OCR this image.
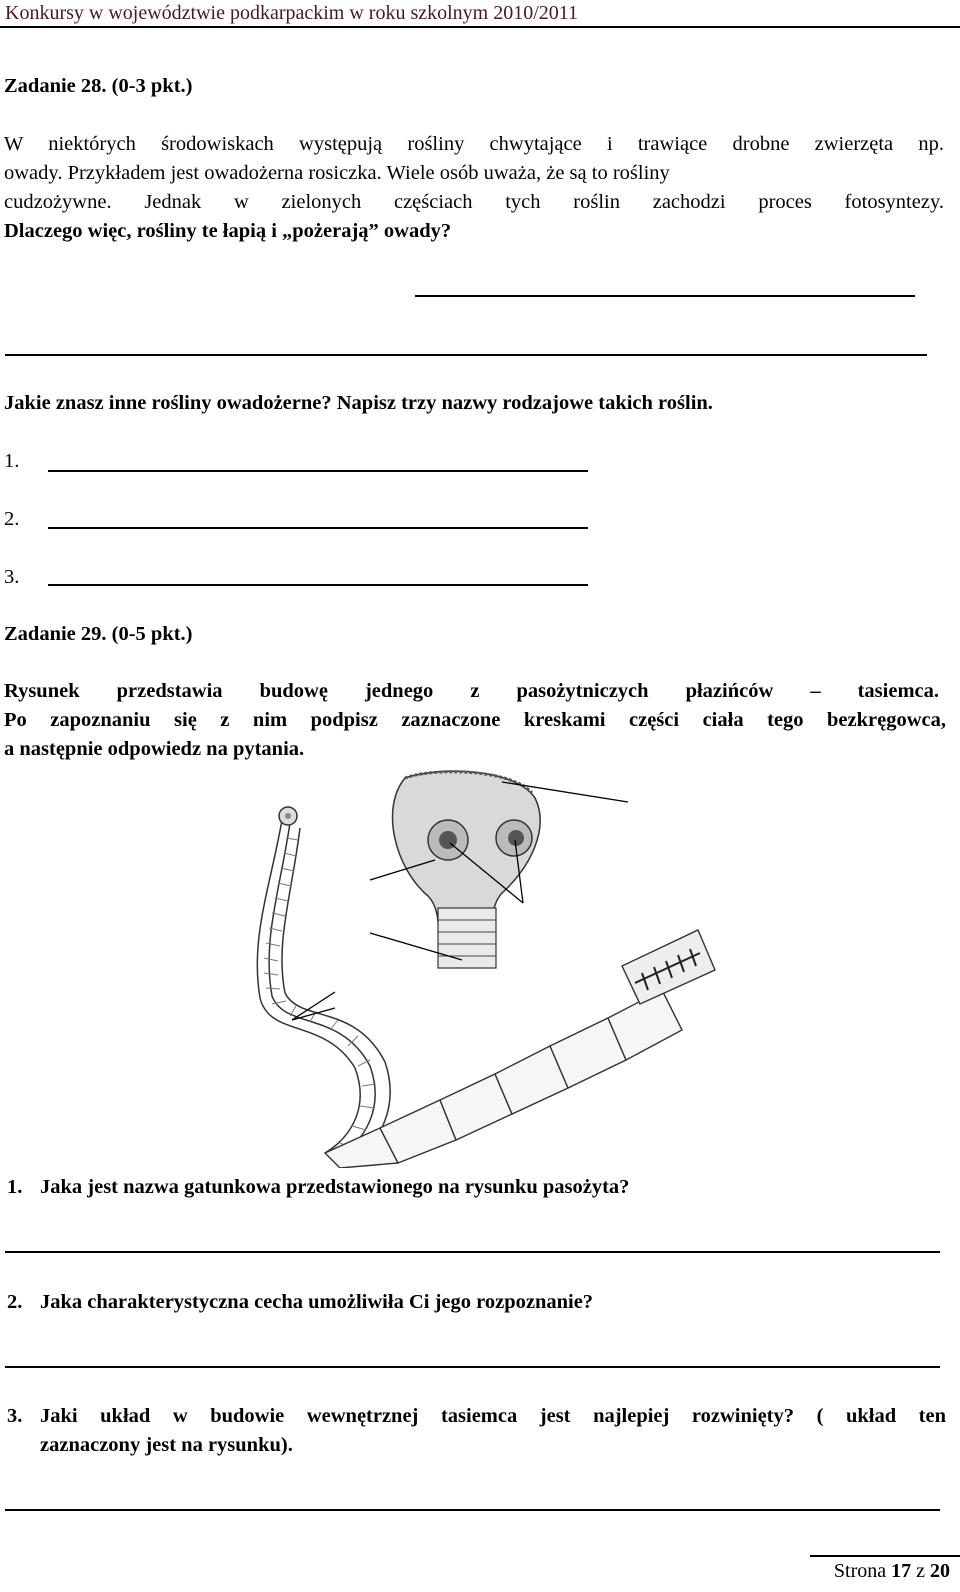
Konkursy w województwie podkarpackim w roku szkolnym 2010/2011
Zadanie 28. (0-3 pkt.)
W niektórych środowiskach występują rośliny chwytające i trawiące drobne zwierzęta np.
owady. Przykładem jest owadożerna rosiczka. Wiele osób uważa, że są to rośliny
cudzożywne. Jednak w zielonych częściach tych roślin zachodzi proces fotosyntezy.
Dlaczego więc, rośliny te łapią i „pożerają” owady?
Jakie znasz inne rośliny owadożerne? Napisz trzy nazwy rodzajowe takich roślin.
1.
2.
3.
Zadanie 29. (0-5 pkt.)
Rysunek przedstawia budowę jednego z pasożytniczych płazińców – tasiemca.
Po zapoznaniu się z nim podpisz zaznaczone kreskami części ciała tego bezkręgowca,
a następnie odpowiedz na pytania.
1. Jaka jest nazwa gatunkowa przedstawionego na rysunku pasożyta?
2. Jaka charakterystyczna cecha umożliwiła Ci jego rozpoznanie?
3. Jaki układ w budowie wewnętrznej tasiemca jest najlepiej rozwinięty? ( układ ten
zaznaczony jest na rysunku).
Strona 17 z 20
